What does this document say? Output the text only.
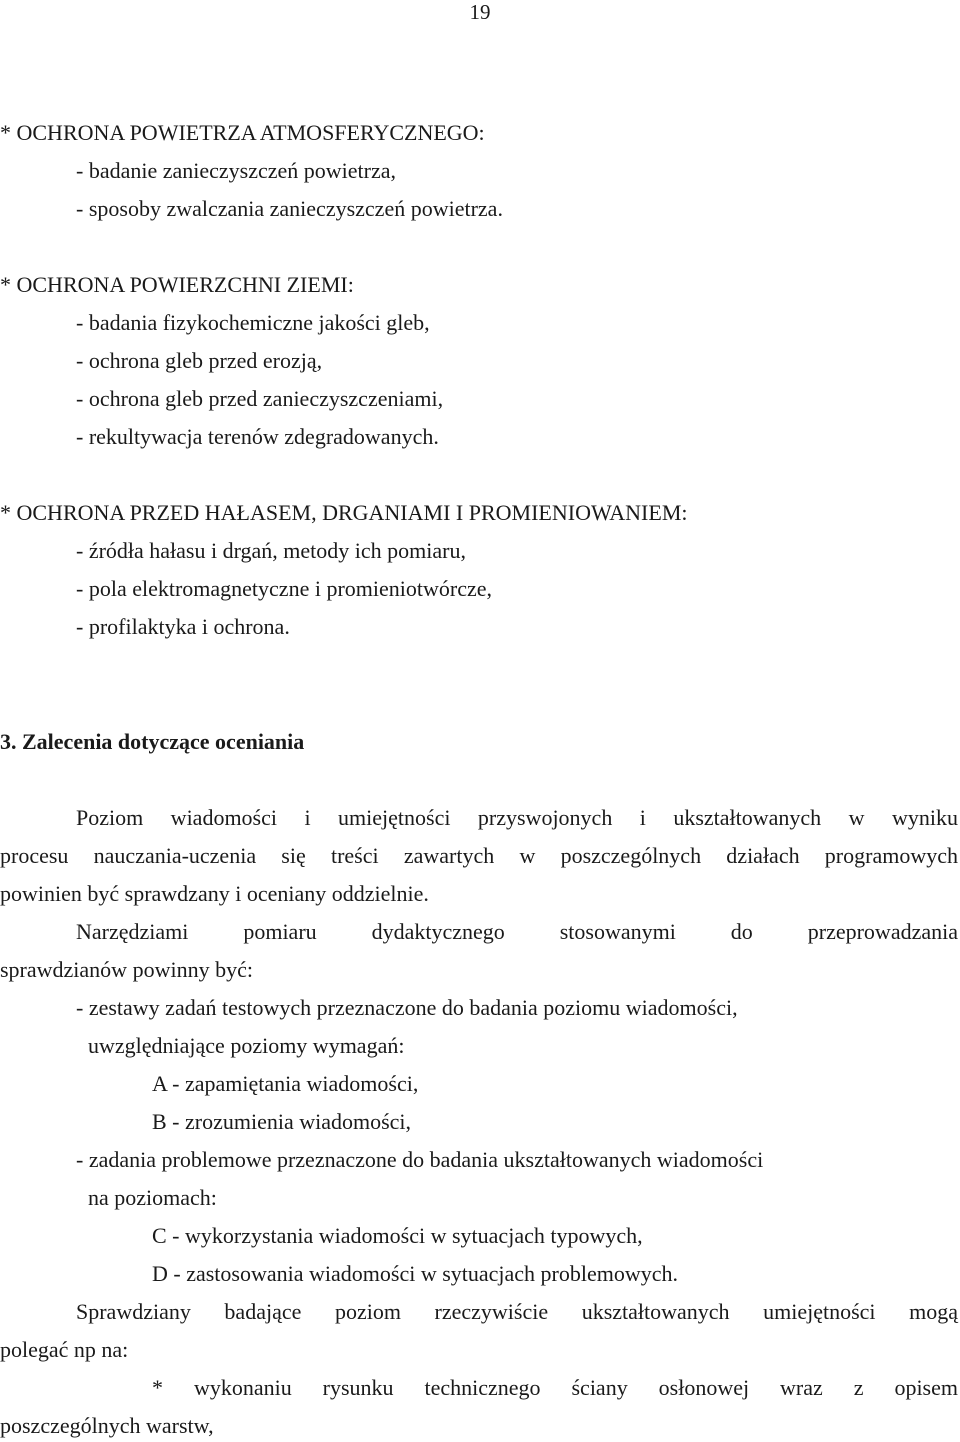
19
* OCHRONA POWIETRZA ATMOSFERYCZNEGO:
- badanie zanieczyszczeń powietrza,
- sposoby zwalczania zanieczyszczeń powietrza.
* OCHRONA POWIERZCHNI ZIEMI:
- badania fizykochemiczne jakości gleb,
- ochrona gleb przed erozją,
- ochrona gleb przed zanieczyszczeniami,
- rekultywacja terenów zdegradowanych.
* OCHRONA PRZED HAŁASEM, DRGANIAMI I PROMIENIOWANIEM:
- źródła hałasu i drgań, metody ich pomiaru,
- pola elektromagnetyczne i promieniotwórcze,
- profilaktyka i ochrona.
3. Zalecenia dotyczące oceniania
Poziom wiadomości i umiejętności przyswojonych i ukształtowanych w wyniku
procesu nauczania-uczenia się treści zawartych w poszczególnych działach programowych
powinien być sprawdzany i oceniany oddzielnie.
Narzędziami pomiaru dydaktycznego stosowanymi do przeprowadzania
sprawdzianów powinny być:
- zestawy zadań testowych przeznaczone do badania poziomu wiadomości,
uwzględniające poziomy wymagań:
A - zapamiętania wiadomości,
B - zrozumienia wiadomości,
- zadania problemowe przeznaczone do badania ukształtowanych wiadomości
na poziomach:
C - wykorzystania wiadomości w sytuacjach typowych,
D - zastosowania wiadomości w sytuacjach problemowych.
Sprawdziany badające poziom rzeczywiście ukształtowanych umiejętności mogą
polegać np na:
* wykonaniu rysunku technicznego ściany osłonowej wraz z opisem
poszczególnych warstw,
